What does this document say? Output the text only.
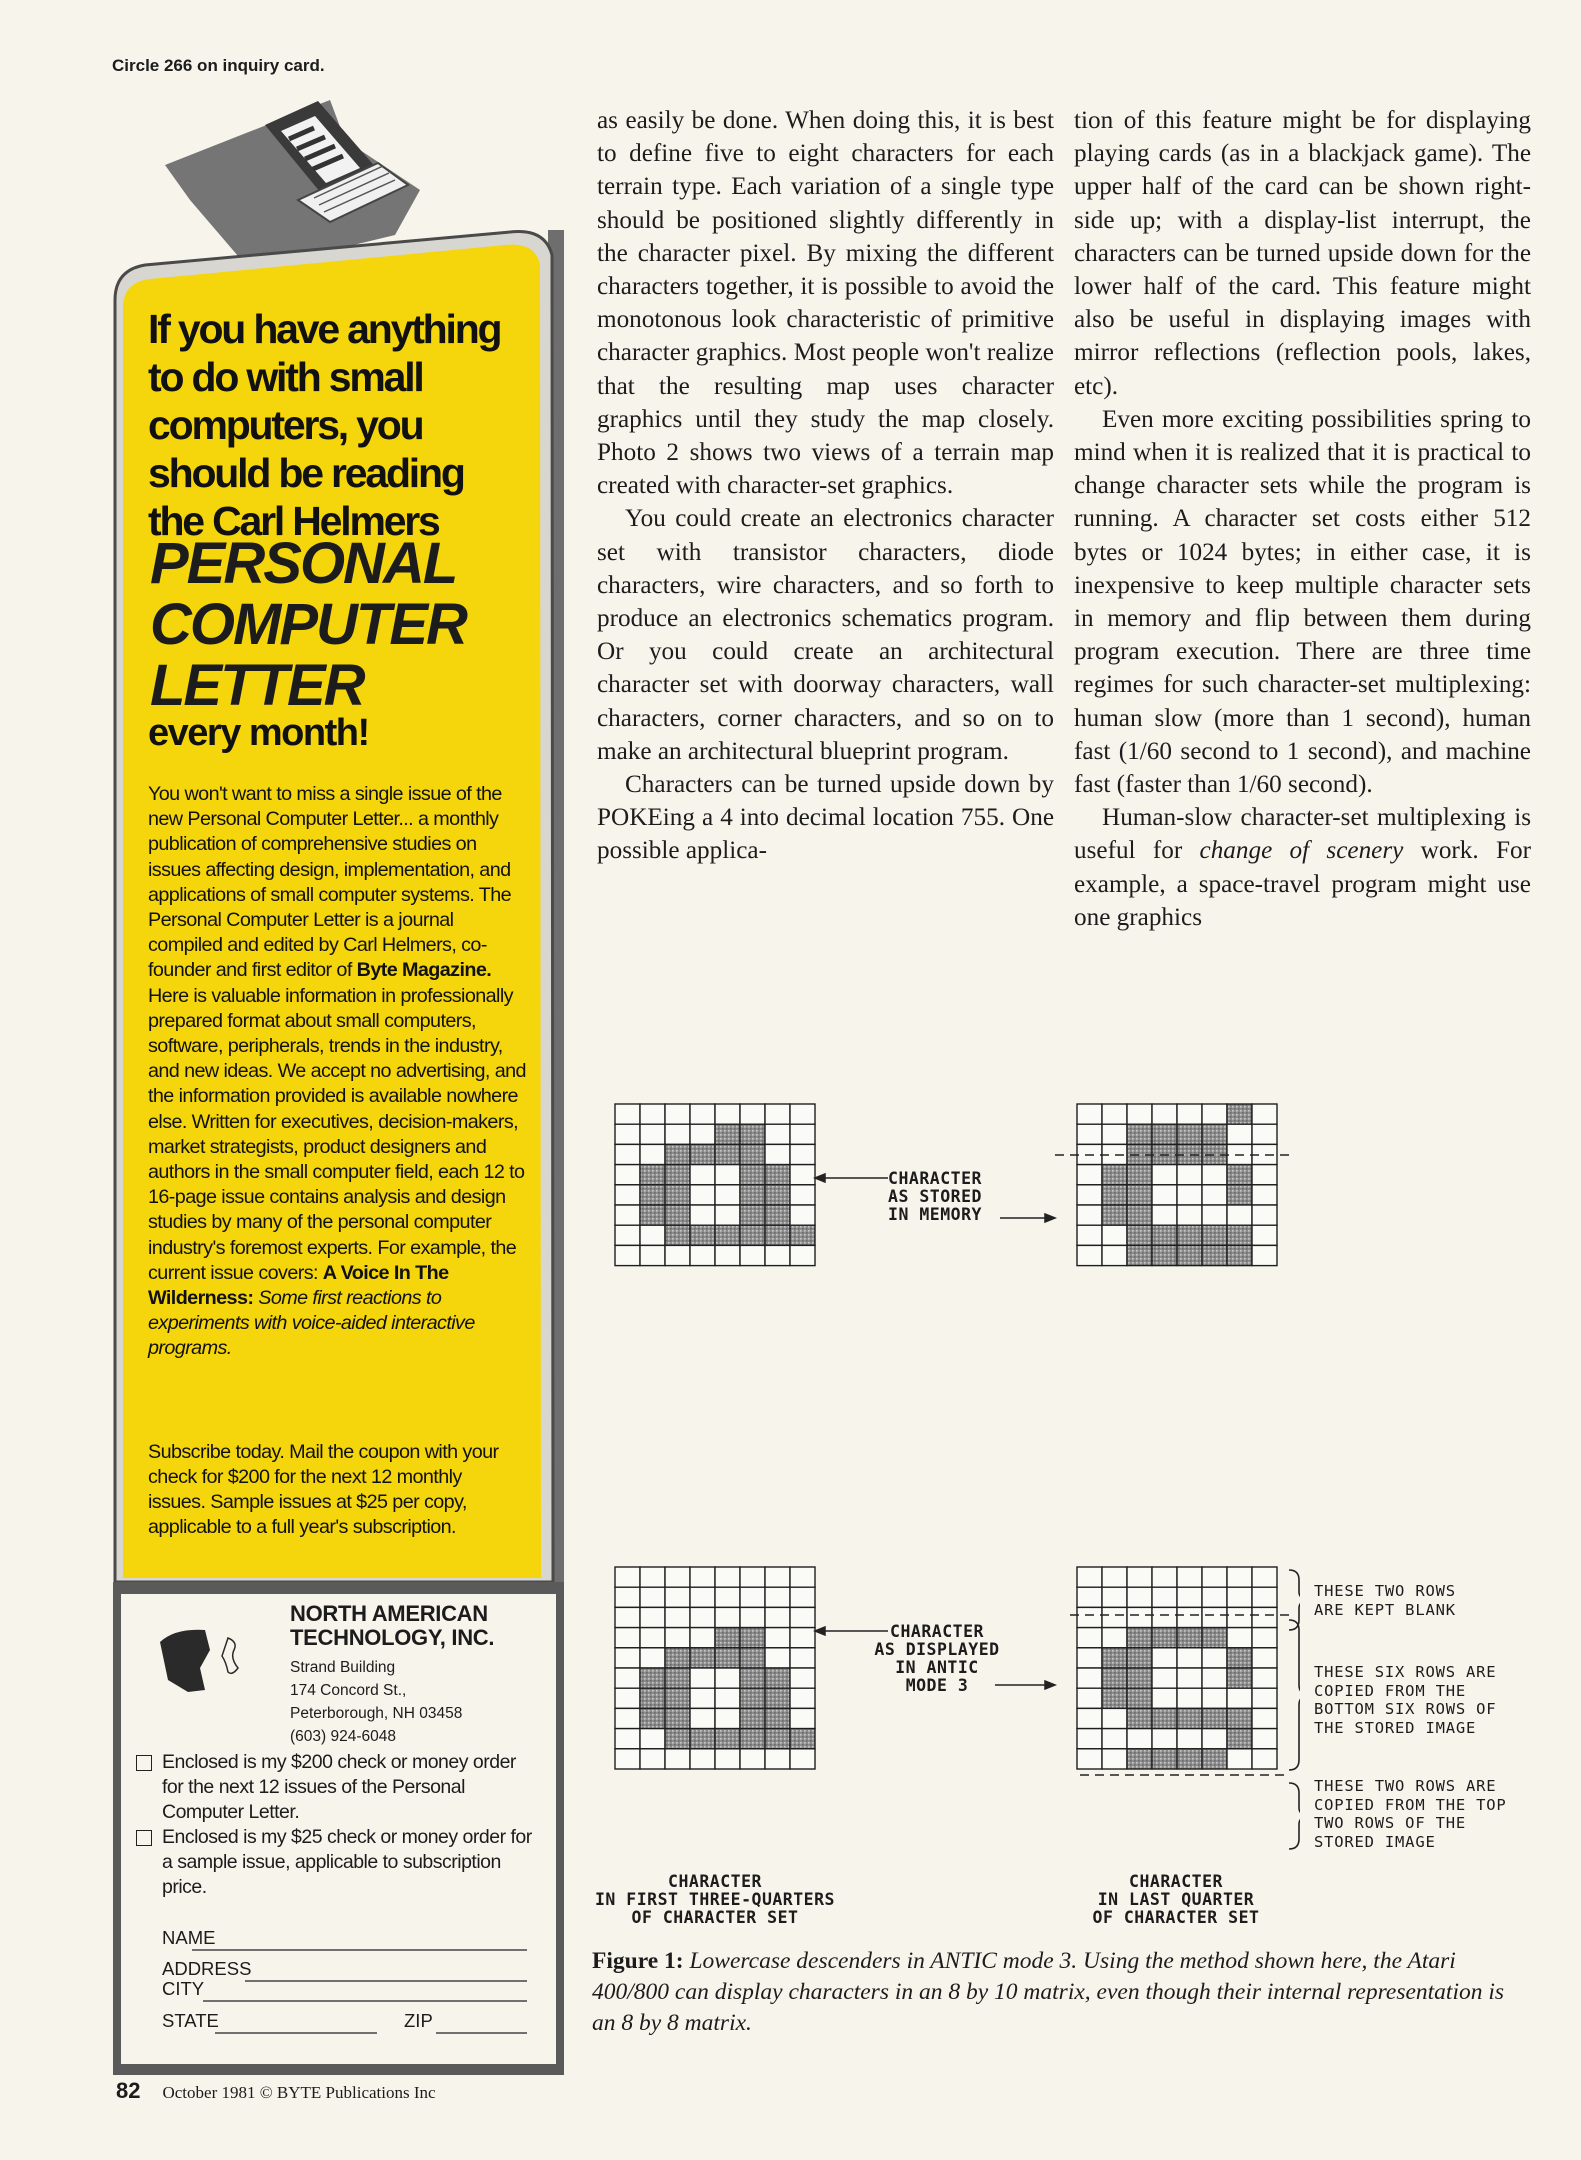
Circle 266 on inquiry card.
If you have anything
to do with small
computers, you
should be reading
the Carl Helmers
PERSONAL
COMPUTER
LETTER
every month!
You won't want to miss a single issue of the new Personal Computer Letter... a monthly publication of comprehensive studies on issues affecting design, implementation, and applications of small computer systems. The Personal Computer Letter is a journal compiled and edited by Carl Helmers, co-founder and first editor of Byte Magazine. Here is valuable information in professionally prepared format about small computers, software, peripherals, trends in the industry, and new ideas. We accept no advertising, and the information provided is available nowhere else. Written for executives, decision-makers, market strategists, product designers and authors in the small computer field, each 12 to 16-page issue contains analysis and design studies by many of the personal computer industry's foremost experts. For example, the current issue covers: A Voice In The Wilderness: Some first reactions to experiments with voice-aided interactive programs.
Subscribe today. Mail the coupon with your check for $200 for the next 12 monthly issues. Sample issues at $25 per copy, applicable to a full year's subscription.
NORTH AMERICAN
TECHNOLOGY, INC.
Strand Building
174 Concord St.,
Peterborough, NH 03458
(603) 924-6048
Enclosed is my $200 check or money order for the next 12 issues of the Personal Computer Letter.
Enclosed is my $25 check or money order for a sample issue, applicable to subscription price.
NAME
ADDRESS
CITY
STATE	ZIP

as easily be done. When doing this, it is best to define five to eight characters for each terrain type. Each variation of a single type should be positioned slightly differently in the character pixel. By mixing the different characters together, it is possible to avoid the monotonous look characteristic of primitive character graphics. Most people won't realize that the resulting map uses character graphics until they study the map closely. Photo 2 shows two views of a terrain map created with character-set graphics.

You could create an electronics character set with transistor characters, diode characters, wire characters, and so forth to produce an electronics schematics program. Or you could create an architectural character set with doorway characters, wall characters, corner characters, and so on to make an architectural blueprint program.

Characters can be turned upside down by POKEing a 4 into decimal location 755. One possible applica-

tion of this feature might be for displaying playing cards (as in a blackjack game). The upper half of the card can be shown right-side up; with a display-list interrupt, the characters can be turned upside down for the lower half of the card. This feature might also be useful in displaying images with mirror reflections (reflection pools, lakes, etc).

Even more exciting possibilities spring to mind when it is realized that it is practical to change character sets while the program is running. A character set costs either 512 bytes or 1024 bytes; in either case, it is inexpensive to keep multiple character sets in memory and flip between them during program execution. There are three time regimes for such character-set multiplexing: human slow (more than 1 second), human fast (1/60 second to 1 second), and machine fast (faster than 1/60 second).

Human-slow character-set multiplexing is useful for change of scenery work. For example, a space-travel program might use one graphics

CHARACTER
AS STORED
IN MEMORY
CHARACTER
AS DISPLAYED
IN ANTIC
MODE 3
CHARACTER
IN FIRST THREE-QUARTERS
OF CHARACTER SET
CHARACTER
IN LAST QUARTER
OF CHARACTER SET
THESE TWO ROWS
ARE KEPT BLANK
THESE SIX ROWS ARE
COPIED FROM THE
BOTTOM SIX ROWS OF
THE STORED IMAGE
THESE TWO ROWS ARE
COPIED FROM THE TOP
TWO ROWS OF THE
STORED IMAGE
Figure 1: Lowercase descenders in ANTIC mode 3. Using the method shown here, the Atari 400/800 can display characters in an 8 by 10 matrix, even though their internal representation is an 8 by 8 matrix.
82 October 1981 © BYTE Publications Inc
